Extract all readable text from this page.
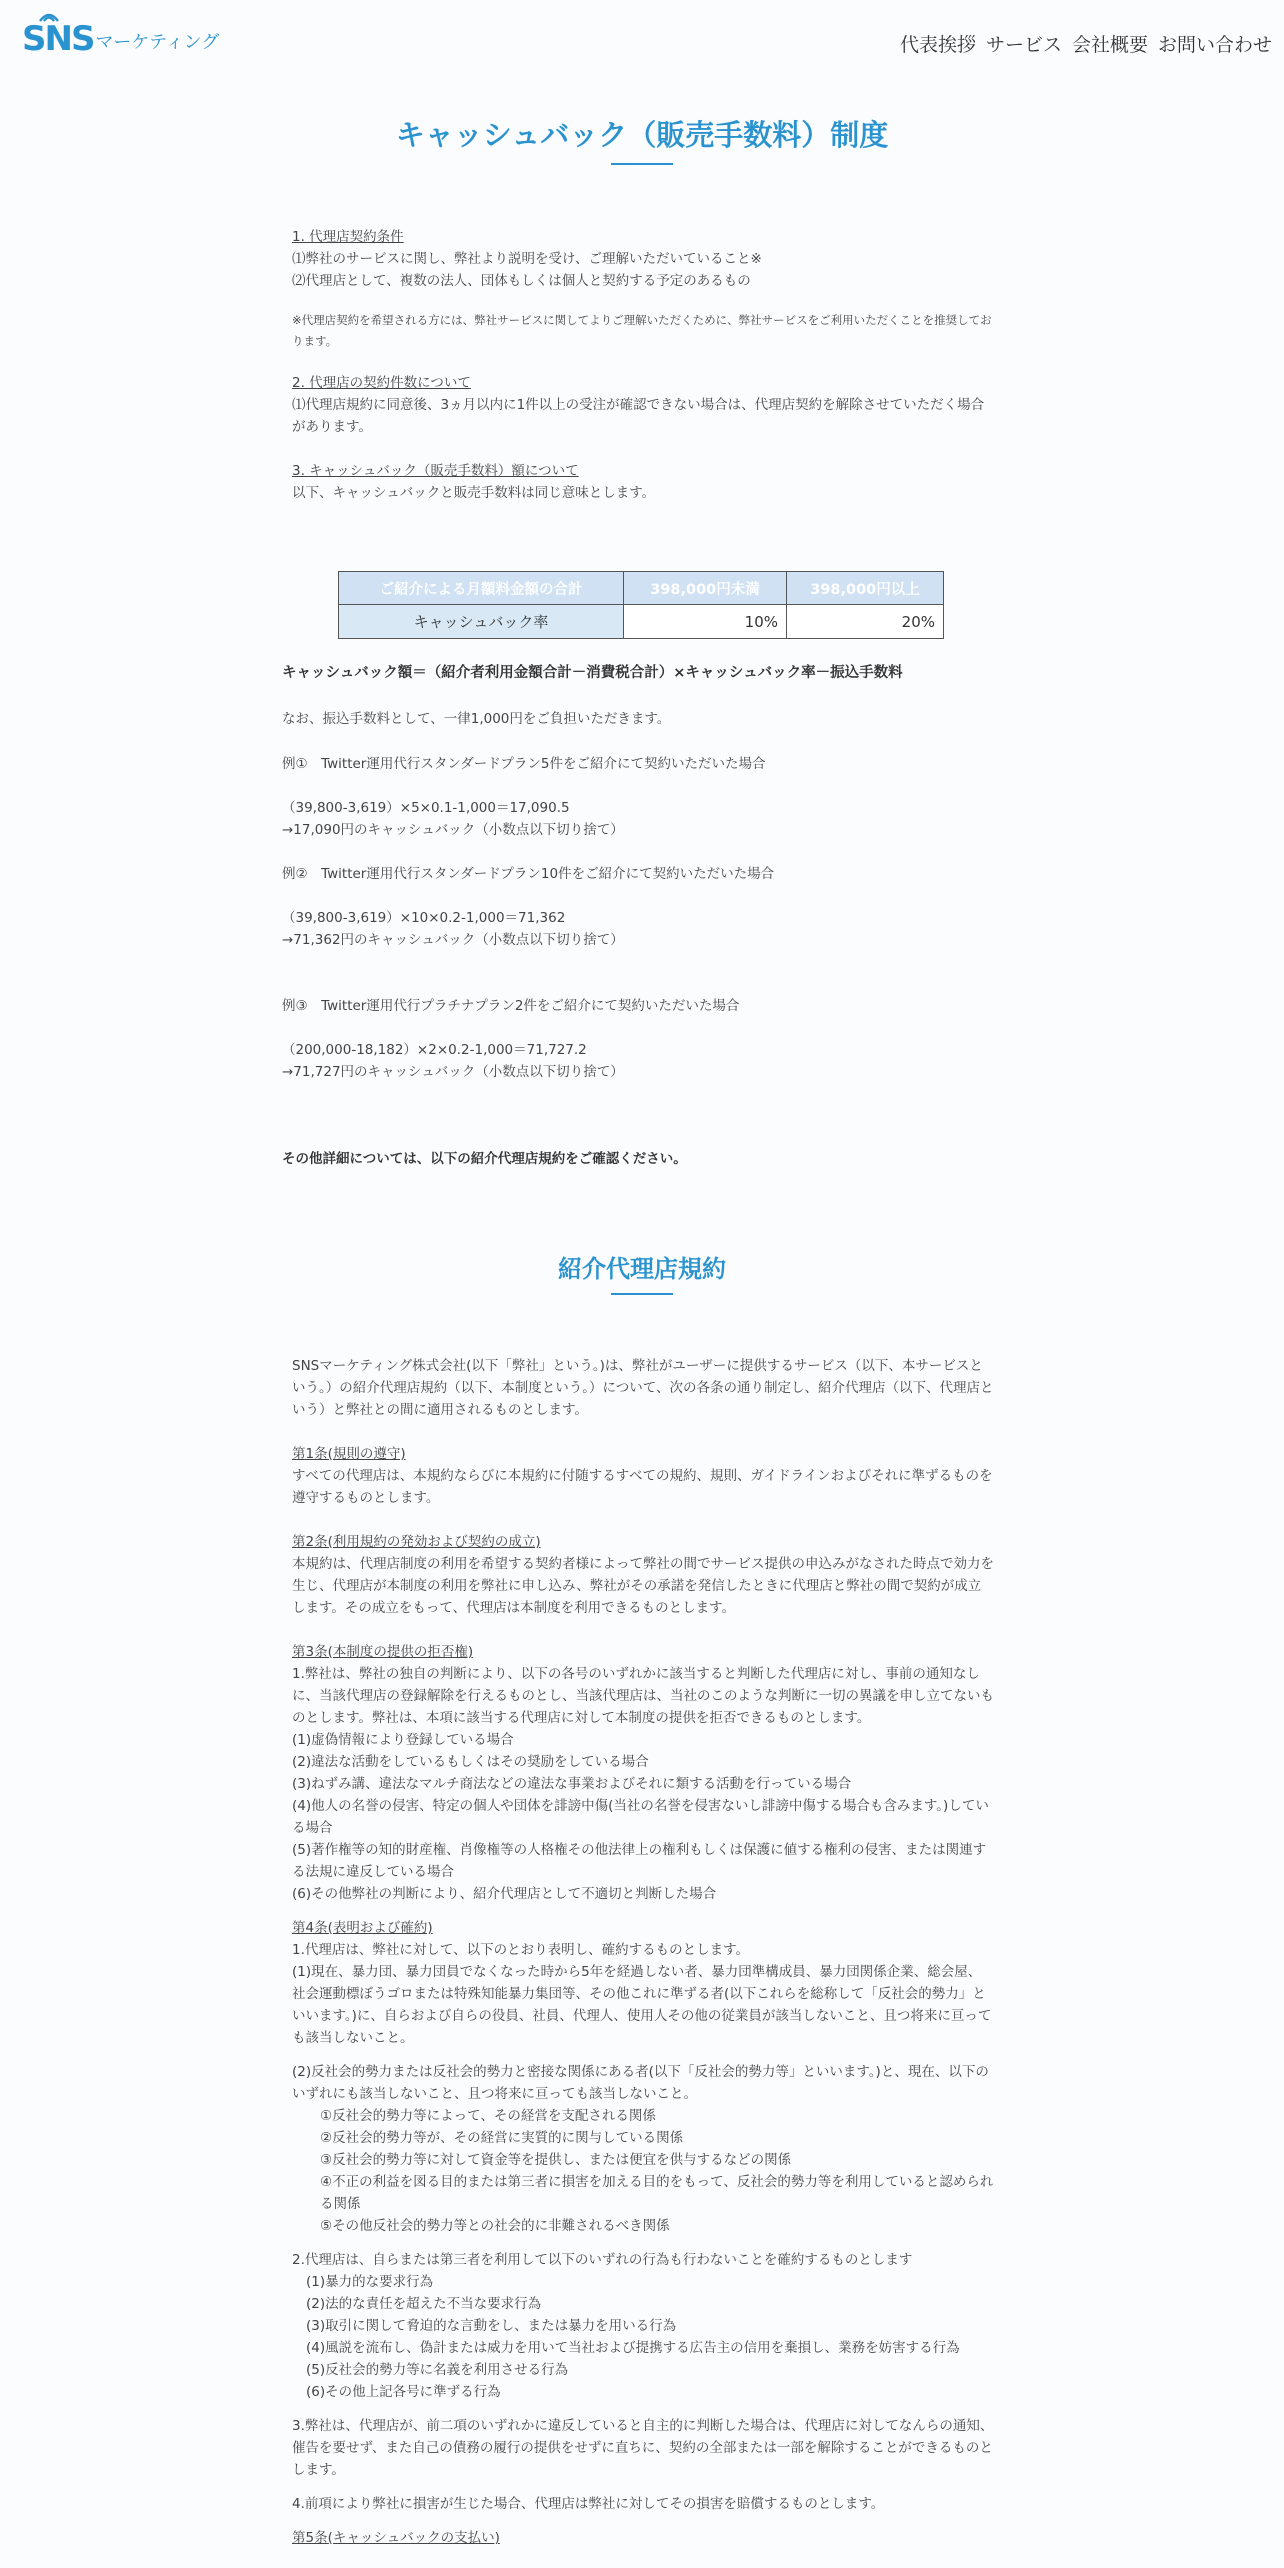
SNS マーケティング	代表挨拶 サービス 会社概要 お問い合わせ
キャッシュバック（販売手数料）制度

1. 代理店契約条件

⑴弊社のサービスに関し、弊社より説明を受け、ご理解いただいていること※

⑵代理店として、複数の法人、団体もしくは個人と契約する予定のあるもの

※代理店契約を希望される方には、弊社サービスに関してよりご理解いただくために、弊社サービスをご利用いただくことを推奨しております。

2. 代理店の契約件数について

⑴代理店規約に同意後、3ヵ月以内に1件以上の受注が確認できない場合は、代理店契約を解除させていただく場合があります。

3. キャッシュバック（販売手数料）額について

以下、キャッシュバックと販売手数料は同じ意味とします。

ご紹介による月額料金額の合計	398,000円未満	398,000円以上
キャッシュバック率	10%	20%
キャッシュバック額＝（紹介者利用金額合計－消費税合計）×キャッシュバック率－振込手数料

なお、振込手数料として、一律1,000円をご負担いただきます。

例①　Twitter運用代行スタンダードプラン5件をご紹介にて契約いただいた場合

（39,800-3,619）×5×0.1-1,000＝17,090.5

→17,090円のキャッシュバック（小数点以下切り捨て）

例②　Twitter運用代行スタンダードプラン10件をご紹介にて契約いただいた場合

（39,800-3,619）×10×0.2-1,000＝71,362

→71,362円のキャッシュバック（小数点以下切り捨て）

例③　Twitter運用代行プラチナプラン2件をご紹介にて契約いただいた場合

（200,000-18,182）×2×0.2-1,000＝71,727.2

→71,727円のキャッシュバック（小数点以下切り捨て）

その他詳細については、以下の紹介代理店規約をご確認ください。
紹介代理店規約

SNSマーケティング株式会社(以下「弊社」という。)は、弊社がユーザーに提供するサービス（以下、本サービスという。）の紹介代理店規約（以下、本制度という。）について、次の各条の通り制定し、紹介代理店（以下、代理店という）と弊社との間に適用されるものとします。

第1条(規則の遵守)

すべての代理店は、本規約ならびに本規約に付随するすべての規約、規則、ガイドラインおよびそれに準ずるものを遵守するものとします。

第2条(利用規約の発効および契約の成立)

本規約は、代理店制度の利用を希望する契約者様によって弊社の間でサービス提供の申込みがなされた時点で効力を生じ、代理店が本制度の利用を弊社に申し込み、弊社がその承諾を発信したときに代理店と弊社の間で契約が成立します。その成立をもって、代理店は本制度を利用できるものとします。

第3条(本制度の提供の拒否権)

1.弊社は、弊社の独自の判断により、以下の各号のいずれかに該当すると判断した代理店に対し、事前の通知なしに、当該代理店の登録解除を行えるものとし、当該代理店は、当社のこのような判断に一切の異議を申し立てないものとします。弊社は、本項に該当する代理店に対して本制度の提供を拒否できるものとします。

(1)虚偽情報により登録している場合

(2)違法な活動をしているもしくはその奨励をしている場合

(3)ねずみ講、違法なマルチ商法などの違法な事業およびそれに類する活動を行っている場合

(4)他人の名誉の侵害、特定の個人や団体を誹謗中傷(当社の名誉を侵害ないし誹謗中傷する場合も含みます。)している場合

(5)著作権等の知的財産権、肖像権等の人格権その他法律上の権利もしくは保護に値する権利の侵害、または関連する法規に違反している場合

(6)その他弊社の判断により、紹介代理店として不適切と判断した場合

第4条(表明および確約)

1.代理店は、弊社に対して、以下のとおり表明し、確約するものとします。

(1)現在、暴力団、暴力団員でなくなった時から5年を経過しない者、暴力団準構成員、暴力団関係企業、総会屋、社会運動標ぼうゴロまたは特殊知能暴力集団等、その他これに準ずる者(以下これらを総称して「反社会的勢力」といいます。)に、自らおよび自らの役員、社員、代理人、使用人その他の従業員が該当しないこと、且つ将来に亘っても該当しないこと。

(2)反社会的勢力または反社会的勢力と密接な関係にある者(以下「反社会的勢力等」といいます。)と、現在、以下のいずれにも該当しないこと、且つ将来に亘っても該当しないこと。

①反社会的勢力等によって、その経営を支配される関係

②反社会的勢力等が、その経営に実質的に関与している関係

③反社会的勢力等に対して資金等を提供し、または便宜を供与するなどの関係

④不正の利益を図る目的または第三者に損害を加える目的をもって、反社会的勢力等を利用していると認められる関係

⑤その他反社会的勢力等との社会的に非難されるべき関係

2.代理店は、自らまたは第三者を利用して以下のいずれの行為も行わないことを確約するものとします

(1)暴力的な要求行為

(2)法的な責任を超えた不当な要求行為

(3)取引に関して脅迫的な言動をし、または暴力を用いる行為

(4)風説を流布し、偽計または威力を用いて当社および提携する広告主の信用を棄損し、業務を妨害する行為

(5)反社会的勢力等に名義を利用させる行為

(6)その他上記各号に準ずる行為

3.弊社は、代理店が、前二項のいずれかに違反していると自主的に判断した場合は、代理店に対してなんらの通知、催告を要せず、また自己の債務の履行の提供をせずに直ちに、契約の全部または一部を解除することができるものとします。

4.前項により弊社に損害が生じた場合、代理店は弊社に対してその損害を賠償するものとします。

第5条(キャッシュバックの支払い)
